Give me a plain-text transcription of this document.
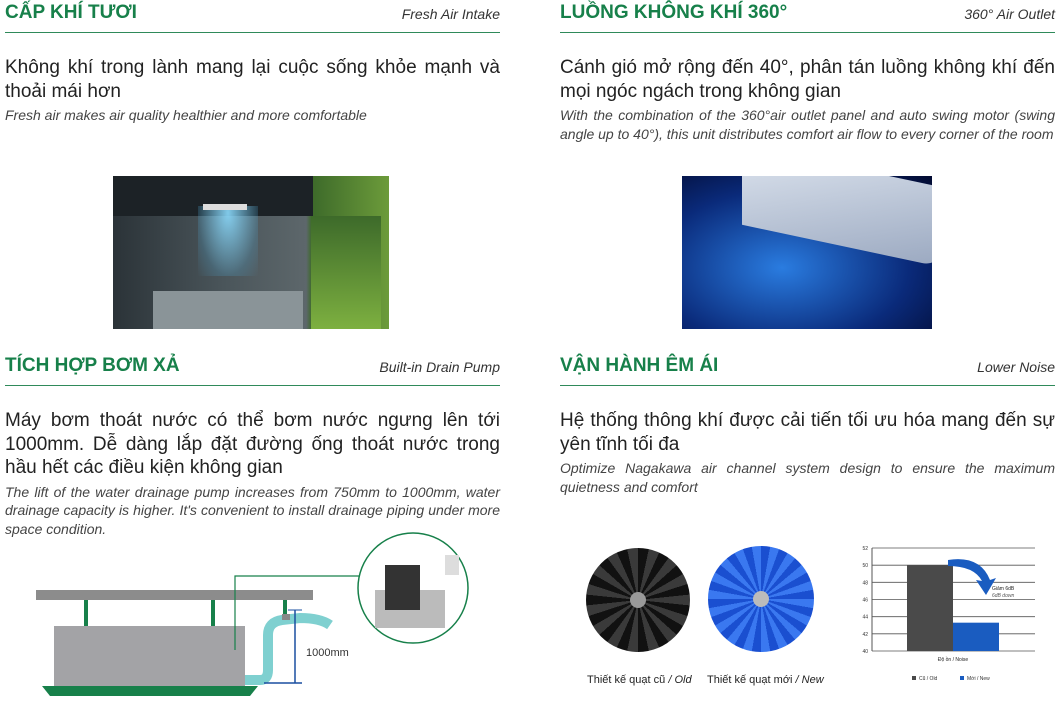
CẤP KHÍ TƯƠI	Fresh Air Intake
Không khí trong lành mang lại cuộc sống khỏe mạnh và thoải mái hơn
Fresh air makes air quality healthier and more comfortable
LUỒNG KHÔNG KHÍ 360°	360° Air Outlet
Cánh gió mở rộng đến 40°, phân tán luồng không khí đến mọi ngóc ngách trong không gian
With the combination of the 360°air outlet panel and auto swing motor (swing angle up to 40°), this unit distributes comfort air flow to every corner of the room
TÍCH HỢP BƠM XẢ	Built-in Drain Pump
Máy bơm thoát nước có thể bơm nước ngưng lên tới 1000mm. Dễ dàng lắp đặt đường ống thoát nước trong hầu hết các điều kiện không gian
The lift of the water drainage pump increases from 750mm to 1000mm, water drainage capacity is higher. It's convenient to install drainage piping under more space condition.
VẬN HÀNH ÊM ÁI	Lower Noise
Hệ thống thông khí được cải tiến tối ưu hóa mang đến sự yên tĩnh tối đa
Optimize Nagakawa air channel system design to ensure the maximum quietness and comfort
1000mm
Thiết kế quạt cũ / Old Thiết kế quạt mới / New
40
42
44
46
48
50
52
Cũ / Old	Mới / New
Giảm 6dB
6dB down
Độ ồn / Noise
